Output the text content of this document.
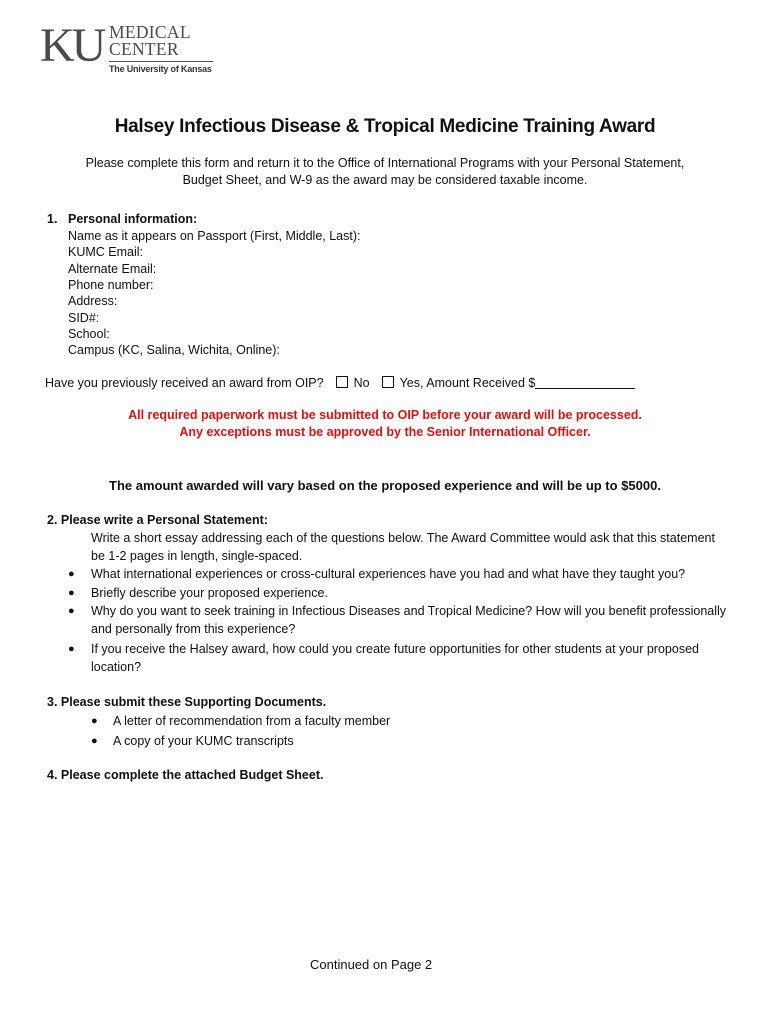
KU MEDICAL
CENTER
The University of Kansas
Halsey Infectious Disease & Tropical Medicine Training Award
Please complete this form and return it to the Office of International Programs with your Personal Statement,
Budget Sheet, and W-9 as the award may be considered taxable income.
1. Personal information:
Name as it appears on Passport (First, Middle, Last):
KUMC Email:
Alternate Email:
Phone number:
Address:
SID#:
School:
Campus (KC, Salina, Wichita, Online):
Have you previously received an award from OIP? No Yes, Amount Received $
All required paperwork must be submitted to OIP before your award will be processed.
Any exceptions must be approved by the Senior International Officer.
The amount awarded will vary based on the proposed experience and will be up to $5000.
2. Please write a Personal Statement:
Write a short essay addressing each of the questions below. The Award Committee would ask that this statement
be 1-2 pages in length, single-spaced.
● What international experiences or cross-cultural experiences have you had and what have they taught you?
● Briefly describe your proposed experience.
● Why do you want to seek training in Infectious Diseases and Tropical Medicine? How will you benefit professionally
and personally from this experience?
● If you receive the Halsey award, how could you create future opportunities for other students at your proposed
location?
3. Please submit these Supporting Documents.
● A letter of recommendation from a faculty member
● A copy of your KUMC transcripts
4. Please complete the attached Budget Sheet.
Continued on Page 2
